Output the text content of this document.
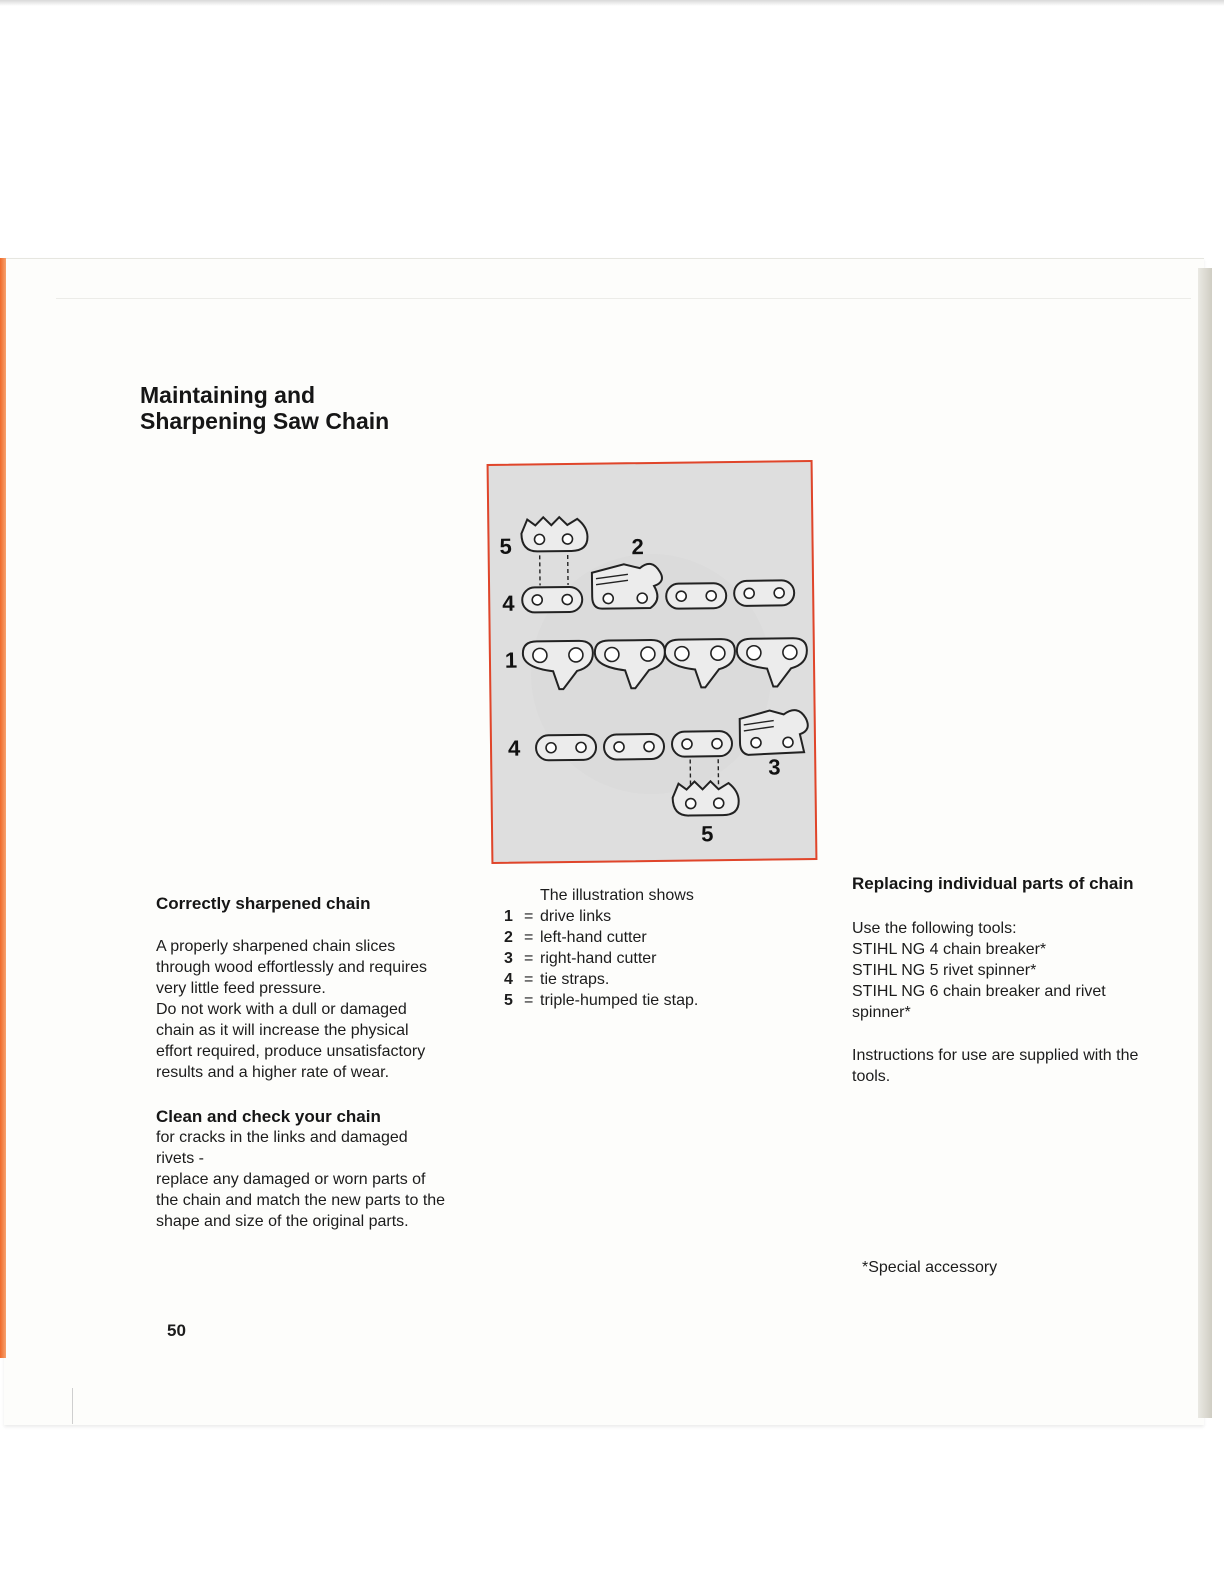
Maintaining and
Sharpening Saw Chain
5	2
4
1
4
3
5
Correctly sharpened chain

A properly sharpened chain slices

through wood effortlessly and requires

very little feed pressure.

Do not work with a dull or damaged

chain as it will increase the physical

effort required, produce unsatisfactory

results and a higher rate of wear.

Clean and check your chain

for cracks in the links and damaged

rivets -

replace any damaged or worn parts of

the chain and match the new parts to the

shape and size of the original parts.

The illustration shows
1 = drive links
2 = left-hand cutter
3 = right-hand cutter
4 = tie straps.
5 = triple-humped tie stap.
Replacing individual parts of chain

Use the following tools:

STIHL NG 4 chain breaker*

STIHL NG 5 rivet spinner*

STIHL NG 6 chain breaker and rivet

spinner*

Instructions for use are supplied with the

tools.

*Special accessory
50
